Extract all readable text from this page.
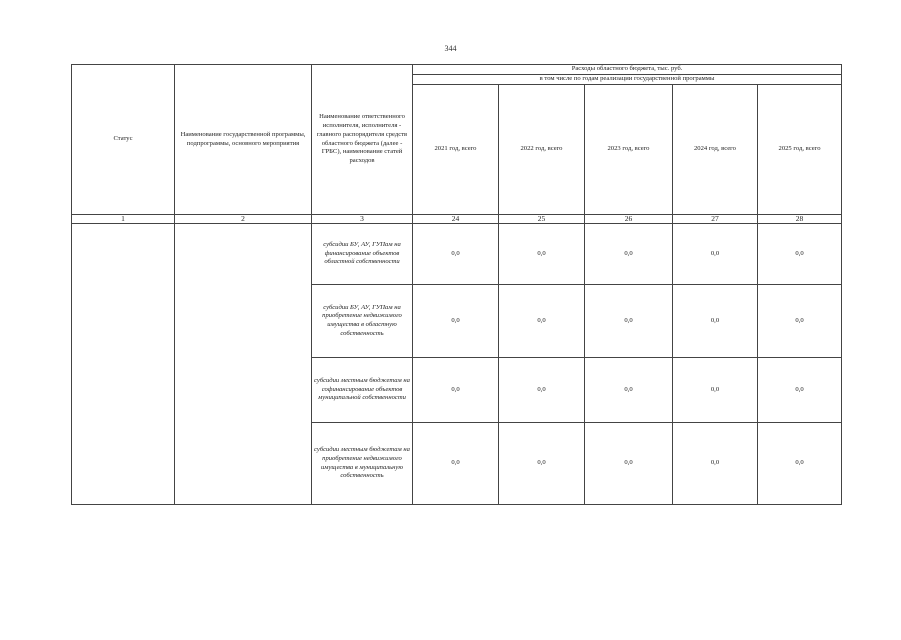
344
Статус	Наименование государственной программы, подпрограммы, основного мероприятия	Наименование ответственного исполнителя, исполнителя - главного распорядителя средств областного бюджета (далее - ГРБС), наименование статей расходов	Расходы областного бюджета, тыс. руб.				
			в том числе по годам реализации государственной программы				
			2021 год, всего	2022 год, всего	2023 год, всего	2024 год, всего	2025 год, всего
1	2	3	24	25	26	27	28
		субсидии БУ, АУ, ГУПам на финансирование объектов областной собственности	0,0	0,0	0,0	0,0	0,0
		субсидии БУ, АУ, ГУПам на приобретение недвижимого имущества в областную собственность	0,0	0,0	0,0	0,0	0,0
		субсидии местным бюджетам на софинансирование объектов муниципальной собственности	0,0	0,0	0,0	0,0	0,0
		субсидии местным бюджетам на приобретение недвижимого имущества в муниципальную собственность	0,0	0,0	0,0	0,0	0,0
